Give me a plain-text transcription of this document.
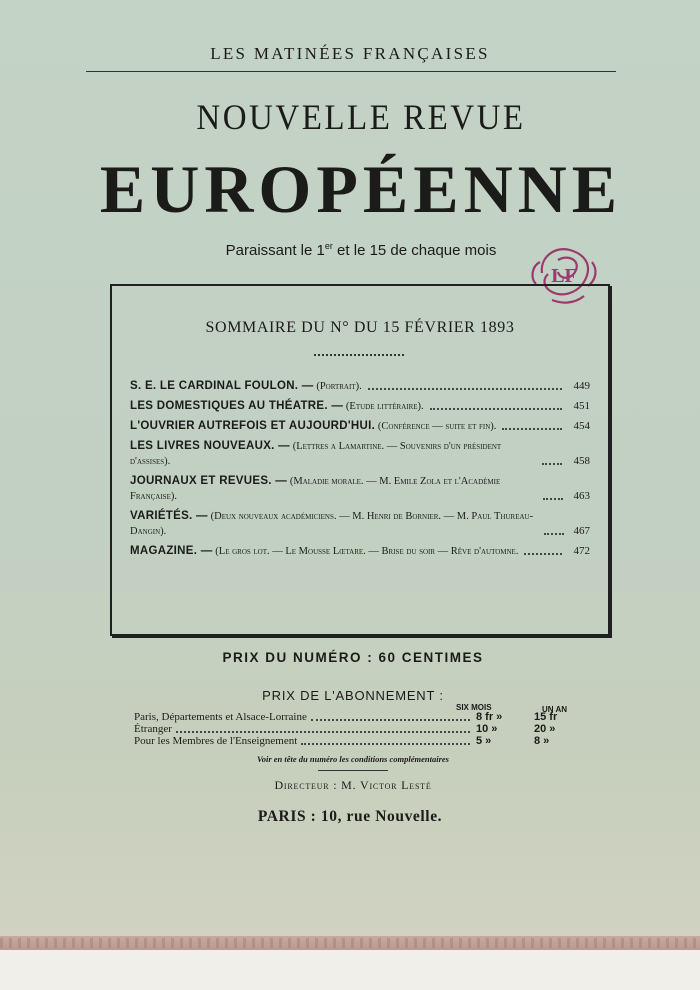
LES MATINÉES FRANÇAISES
NOUVELLE REVUE
EUROPÉENNE
Paraissant le 1er et le 15 de chaque mois
LF
SOMMAIRE DU N° DU 15 FÉVRIER 1893
S. E. LE CARDINAL FOULON. — (Portrait).	449
LES DOMESTIQUES AU THÉATRE. — (Etude littéraire).	451
L'OUVRIER AUTREFOIS ET AUJOURD'HUI. (Conférence — suite et fin).	454
LES LIVRES NOUVEAUX. — (Lettres a Lamartine. — Souvenirs d'un président d'assises).	458
JOURNAUX ET REVUES. — (Maladie morale. — M. Emile Zola et l'Académie Française).	463
VARIÉTÉS. — (Deux nouveaux académiciens. — M. Henri de Bornier. — M. Paul Thureau-Dangin).	467
MAGAZINE. — (Le gros lot. — Le Mousse Lœtare. — Brise du soir — Rêve d'automne.	472
PRIX DU NUMÉRO : 60 CENTIMES
PRIX DE L'ABONNEMENT :
SIX MOIS	UN AN
Paris, Départements et Alsace-Lorraine	8 fr »	15 fr
Étranger	10 »	20 »
Pour les Membres de l'Enseignement	5 »	8 »
Voir en tête du numéro les conditions complémentaires
Directeur : M. Victor Lesté
PARIS : 10, rue Nouvelle.
